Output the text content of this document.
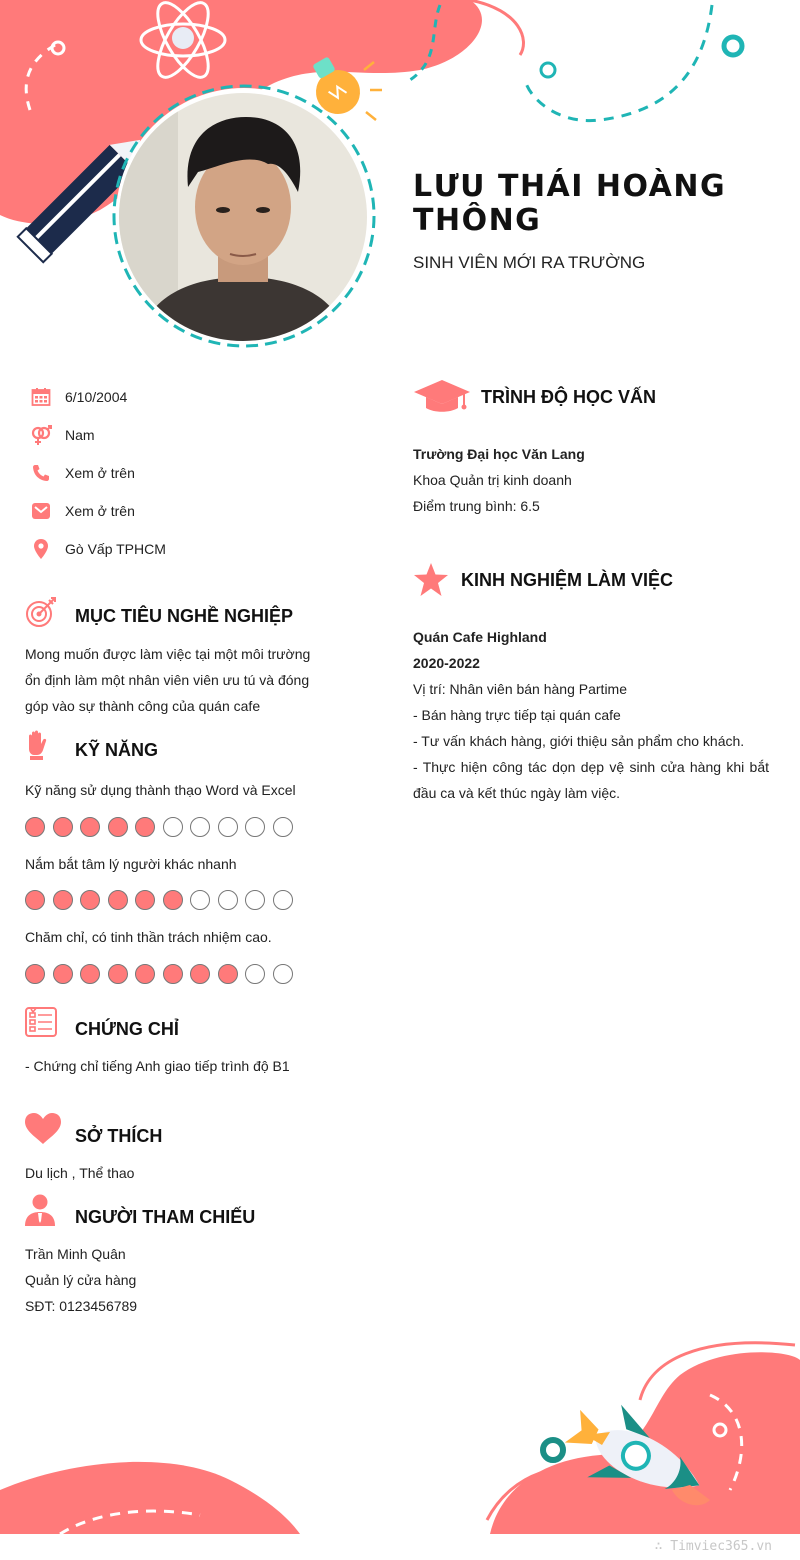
LƯU THÁI HOÀNG THÔNG
SINH VIÊN MỚI RA TRƯỜNG
6/10/2004
Nam
Xem ở trên
Xem ở trên
Gò Vấp TPHCM
MỤC TIÊU NGHỀ NGHIỆP
Mong muốn được làm việc tại một môi trường
ổn định làm một nhân viên viên ưu tú và đóng
góp vào sự thành công của quán cafe
KỸ NĂNG
Kỹ năng sử dụng thành thạo Word và Excel
Nắm bắt tâm lý người khác nhanh
Chăm chỉ, có tinh thần trách nhiệm cao.
CHỨNG CHỈ
- Chứng chỉ tiếng Anh giao tiếp trình độ B1
SỞ THÍCH
Du lịch , Thể thao
NGƯỜI THAM CHIẾU
Trần Minh Quân
Quản lý cửa hàng
SĐT: 0123456789
TRÌNH ĐỘ HỌC VẤN
Trường Đại học Văn Lang
Khoa Quản trị kinh doanh
Điểm trung bình: 6.5
KINH NGHIỆM LÀM VIỆC
Quán Cafe Highland
2020-2022
Vị trí: Nhân viên bán hàng Partime
- Bán hàng trực tiếp tại quán cafe
- Tư vấn khách hàng, giới thiệu sản phẩm cho khách.
- Thực hiện công tác dọn dẹp vệ sinh cửa hàng khi bắt
đầu ca và kết thúc ngày làm việc.
∴ Timviec365.vn
